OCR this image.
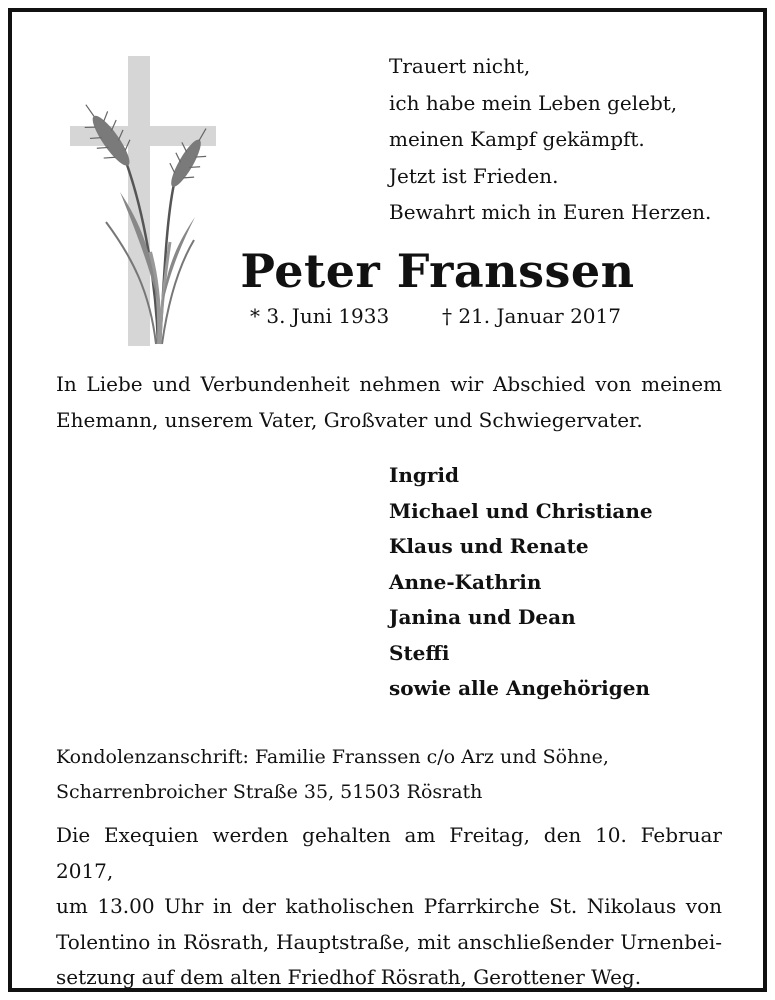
Trauert nicht,
ich habe mein Leben gelebt,
meinen Kampf gekämpft.
Jetzt ist Frieden.
Bewahrt mich in Euren Herzen.
Peter Franssen
* 3. Juni 1933	† 21. Januar 2017
In Liebe und Verbundenheit nehmen wir Abschied von meinem Ehemann, unserem Vater, Großvater und Schwiegervater.
Ingrid
Michael und Christiane
Klaus und Renate
Anne-Kathrin
Janina und Dean
Steffi
sowie alle Angehörigen
Kondolenzanschrift: Familie Franssen c/o Arz und Söhne,
Scharrenbroicher Straße 35, 51503 Rösrath
Die Exequien werden gehalten am Freitag, den 10. Februar 2017,
um 13.00 Uhr in der katholischen Pfarrkirche St. Nikolaus von
Tolentino in Rösrath, Hauptstraße, mit anschließender Urnenbei-
setzung auf dem alten Friedhof Rösrath, Gerottener Weg.
